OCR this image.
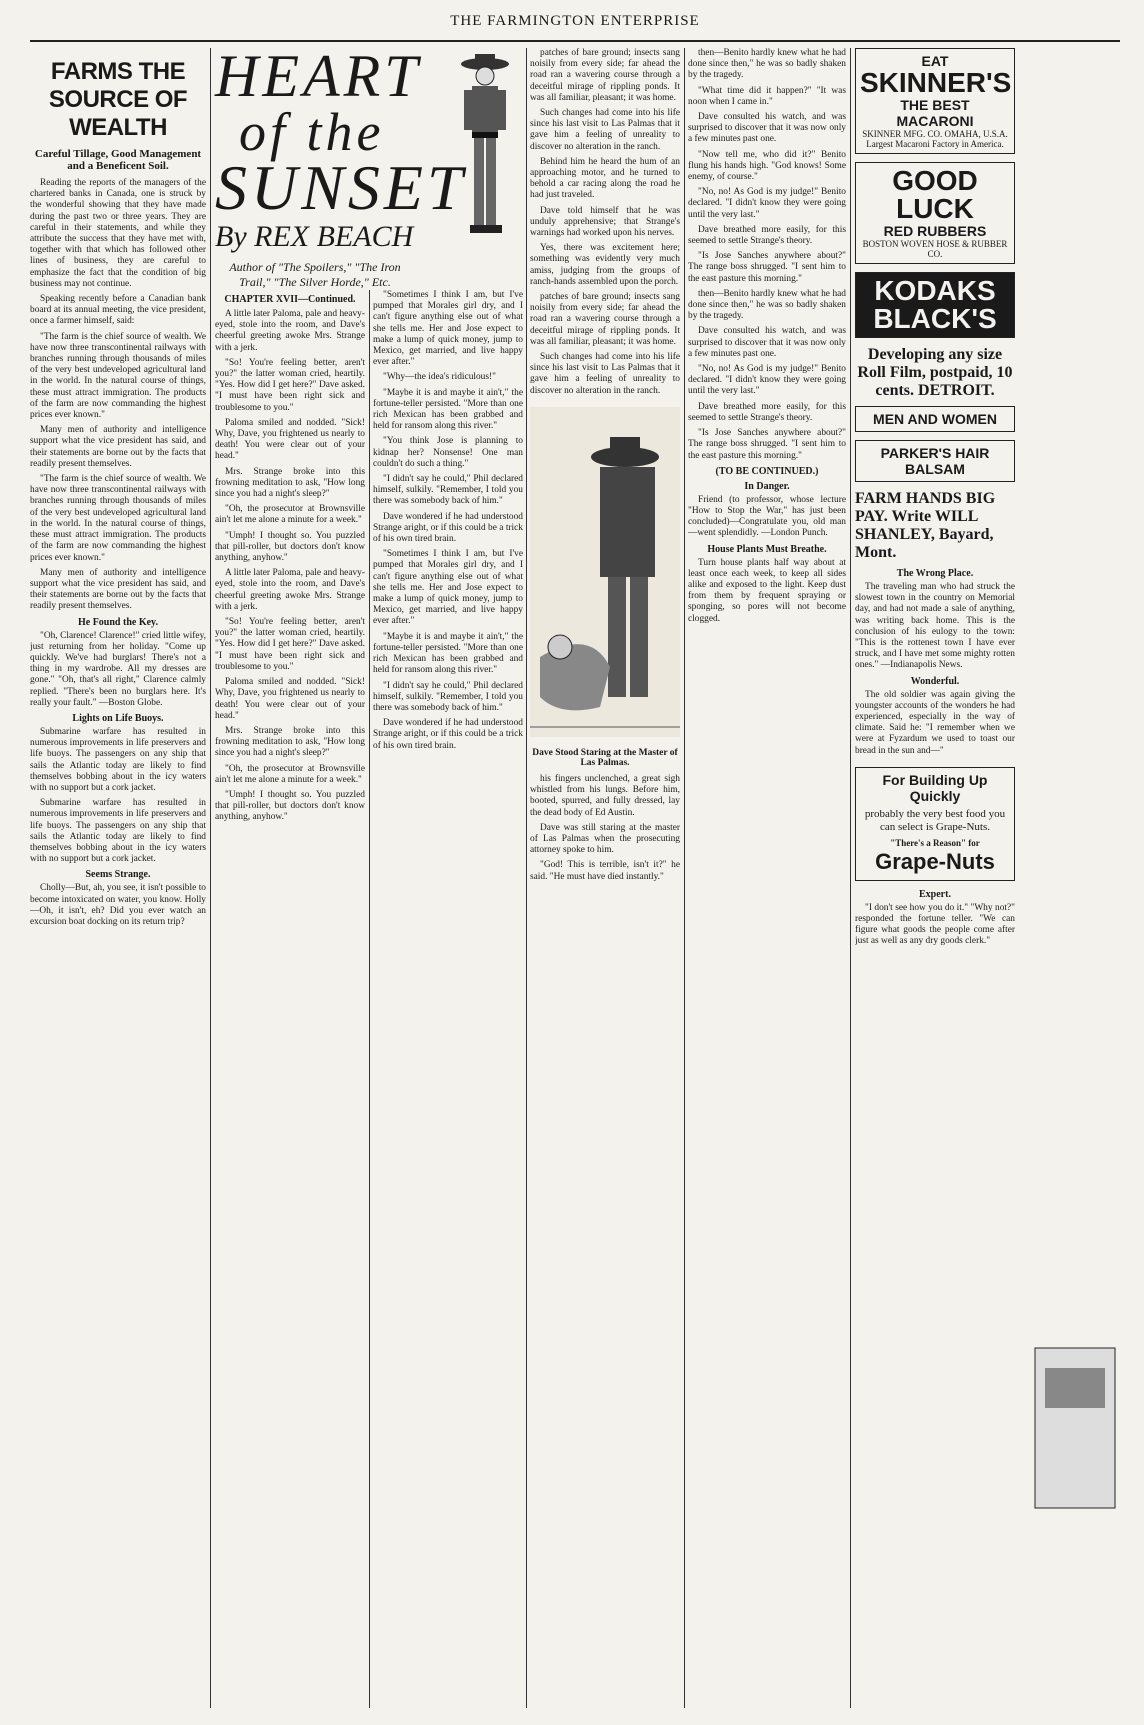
THE FARMINGTON ENTERPRISE
FARMS THE SOURCE OF WEALTH
Careful Tillage, Good Management and a Beneficent Soil.

Reading the reports of the managers of the chartered banks in Canada, one is struck by the wonderful showing that they have made during the past two or three years. They are careful in their statements, and while they attribute the success that they have met with, together with that which has followed other lines of business, they are careful to emphasize the fact that the condition of big business may not continue.

Speaking recently before a Canadian bank board at its annual meeting, the vice president, once a farmer himself, said:

"The farm is the chief source of wealth. We have now three transcontinental railways with branches running through thousands of miles of the very best undeveloped agricultural land in the world. In the natural course of things, these must attract immigration. The products of the farm are now commanding the highest prices ever known."

Many men of authority and intelligence support what the vice president has said, and their statements are borne out by the facts that readily present themselves.

"The farm is the chief source of wealth. We have now three transcontinental railways with branches running through thousands of miles of the very best undeveloped agricultural land in the world. In the natural course of things, these must attract immigration. The products of the farm are now commanding the highest prices ever known."

Many men of authority and intelligence support what the vice president has said, and their statements are borne out by the facts that readily present themselves.

He Found the Key.

"Oh, Clarence! Clarence!" cried little wifey, just returning from her holiday. "Come up quickly. We've had burglars! There's not a thing in my wardrobe. All my dresses are gone." "Oh, that's all right," Clarence calmly replied. "There's been no burglars here. It's really your fault." —Boston Globe.

Lights on Life Buoys.

Submarine warfare has resulted in numerous improvements in life preservers and life buoys. The passengers on any ship that sails the Atlantic today are likely to find themselves bobbing about in the icy waters with no support but a cork jacket.

Submarine warfare has resulted in numerous improvements in life preservers and life buoys. The passengers on any ship that sails the Atlantic today are likely to find themselves bobbing about in the icy waters with no support but a cork jacket.

Seems Strange.

Cholly—But, ah, you see, it isn't possible to become intoxicated on water, you know. Holly—Oh, it isn't, eh? Did you ever watch an excursion boat docking on its return trip?

HEART
of the
SUNSET
By REX BEACH
Author of "The Spoilers," "The Iron Trail," "The Silver Horde," Etc.
CHAPTER XVII—Continued.

A little later Paloma, pale and heavy-eyed, stole into the room, and Dave's cheerful greeting awoke Mrs. Strange with a jerk.

"So! You're feeling better, aren't you?" the latter woman cried, heartily. "Yes. How did I get here?" Dave asked. "I must have been right sick and troublesome to you."

Paloma smiled and nodded. "Sick! Why, Dave, you frightened us nearly to death! You were clear out of your head."

Mrs. Strange broke into this frowning meditation to ask, "How long since you had a night's sleep?"

"Oh, the prosecutor at Brownsville ain't let me alone a minute for a week."

"Umph! I thought so. You puzzled that pill-roller, but doctors don't know anything, anyhow."

A little later Paloma, pale and heavy-eyed, stole into the room, and Dave's cheerful greeting awoke Mrs. Strange with a jerk.

"So! You're feeling better, aren't you?" the latter woman cried, heartily. "Yes. How did I get here?" Dave asked. "I must have been right sick and troublesome to you."

Paloma smiled and nodded. "Sick! Why, Dave, you frightened us nearly to death! You were clear out of your head."

Mrs. Strange broke into this frowning meditation to ask, "How long since you had a night's sleep?"

"Oh, the prosecutor at Brownsville ain't let me alone a minute for a week."

"Umph! I thought so. You puzzled that pill-roller, but doctors don't know anything, anyhow."

"Sometimes I think I am, but I've pumped that Morales girl dry, and I can't figure anything else out of what she tells me. Her and Jose expect to make a lump of quick money, jump to Mexico, get married, and live happy ever after."

"Why—the idea's ridiculous!"

"Maybe it is and maybe it ain't," the fortune-teller persisted. "More than one rich Mexican has been grabbed and held for ransom along this river."

"You think Jose is planning to kidnap her? Nonsense! One man couldn't do such a thing."

"I didn't say he could," Phil declared himself, sulkily. "Remember, I told you there was somebody back of him."

Dave wondered if he had understood Strange aright, or if this could be a trick of his own tired brain.

"Sometimes I think I am, but I've pumped that Morales girl dry, and I can't figure anything else out of what she tells me. Her and Jose expect to make a lump of quick money, jump to Mexico, get married, and live happy ever after."

"Maybe it is and maybe it ain't," the fortune-teller persisted. "More than one rich Mexican has been grabbed and held for ransom along this river."

"I didn't say he could," Phil declared himself, sulkily. "Remember, I told you there was somebody back of him."

Dave wondered if he had understood Strange aright, or if this could be a trick of his own tired brain.

patches of bare ground; insects sang noisily from every side; far ahead the road ran a wavering course through a deceitful mirage of rippling ponds. It was all familiar, pleasant; it was home.

Such changes had come into his life since his last visit to Las Palmas that it gave him a feeling of unreality to discover no alteration in the ranch.

Behind him he heard the hum of an approaching motor, and he turned to behold a car racing along the road he had just traveled.

Dave told himself that he was unduly apprehensive; that Strange's warnings had worked upon his nerves.

Yes, there was excitement here; something was evidently very much amiss, judging from the groups of ranch-hands assembled upon the porch.

patches of bare ground; insects sang noisily from every side; far ahead the road ran a wavering course through a deceitful mirage of rippling ponds. It was all familiar, pleasant; it was home.

Such changes had come into his life since his last visit to Las Palmas that it gave him a feeling of unreality to discover no alteration in the ranch.

Dave Stood Staring at the Master of Las Palmas.

his fingers unclenched, a great sigh whistled from his lungs. Before him, booted, spurred, and fully dressed, lay the dead body of Ed Austin.

Dave was still staring at the master of Las Palmas when the prosecuting attorney spoke to him.

"God! This is terrible, isn't it?" he said. "He must have died instantly."

then—Benito hardly knew what he had done since then," he was so badly shaken by the tragedy.

"What time did it happen?" "It was noon when I came in."

Dave consulted his watch, and was surprised to discover that it was now only a few minutes past one.

"Now tell me, who did it?" Benito flung his hands high. "God knows! Some enemy, of course."

"No, no! As God is my judge!" Benito declared. "I didn't know they were going until the very last."

Dave breathed more easily, for this seemed to settle Strange's theory.

"Is Jose Sanches anywhere about?" The range boss shrugged. "I sent him to the east pasture this morning."

then—Benito hardly knew what he had done since then," he was so badly shaken by the tragedy.

Dave consulted his watch, and was surprised to discover that it was now only a few minutes past one.

"No, no! As God is my judge!" Benito declared. "I didn't know they were going until the very last."

Dave breathed more easily, for this seemed to settle Strange's theory.

"Is Jose Sanches anywhere about?" The range boss shrugged. "I sent him to the east pasture this morning."

(TO BE CONTINUED.)
In Danger.

Friend (to professor, whose lecture "How to Stop the War," has just been concluded)—Congratulate you, old man—went splendidly. —London Punch.

House Plants Must Breathe.

Turn house plants half way about at least once each week, to keep all sides alike and exposed to the light. Keep dust from them by frequent spraying or sponging, so pores will not become clogged.

EAT
SKINNER'S
THE BEST MACARONI
SKINNER MFG. CO. OMAHA, U.S.A. Largest Macaroni Factory in America.
GOOD LUCK
RED RUBBERS
BOSTON WOVEN HOSE & RUBBER CO.
KODAKS
BLACK'S
Developing any size Roll Film, postpaid, 10 cents. DETROIT.
MEN AND WOMEN
PARKER'S HAIR BALSAM
FARM HANDS BIG PAY. Write WILL SHANLEY, Bayard, Mont.
The Wrong Place.

The traveling man who had struck the slowest town in the country on Memorial day, and had not made a sale of anything, was writing back home. This is the conclusion of his eulogy to the town: "This is the rottenest town I have ever struck, and I have met some mighty rotten ones." —Indianapolis News.

Wonderful.

The old soldier was again giving the youngster accounts of the wonders he had experienced, especially in the way of climate. Said he: "I remember when we were at Fyzardum we used to toast our bread in the sun and—"

For Building Up Quickly
probably the very best food you can select is Grape-Nuts.
"There's a Reason" for
Grape-Nuts
Expert.

"I don't see how you do it." "Why not?" responded the fortune teller. "We can figure what goods the people come after just as well as any dry goods clerk."
